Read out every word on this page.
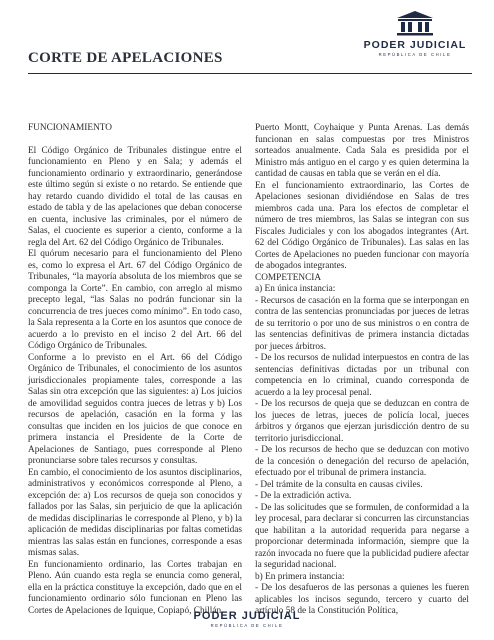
PODER JUDICIAL
REPÚBLICA DE CHILE
CORTE DE APELACIONES

FUNCIONAMIENTO

El Código Orgánico de Tribunales distingue entre el funcionamiento en Pleno y en Sala; y además el funcionamiento ordinario y extraordinario, generándose este último según si existe o no retardo. Se entiende que hay retardo cuando dividido el total de las causas en estado de tabla y de las apelaciones que deban conocerse en cuenta, inclusive las criminales, por el número de Salas, el cuociente es superior a ciento, conforme a la regla del Art. 62 del Código Orgánico de Tribunales.

El quórum necesario para el funcionamiento del Pleno es, como lo expresa el Art. 67 del Código Orgánico de Tribunales, “la mayoría absoluta de los miembros que se componga la Corte”. En cambio, con arreglo al mismo precepto legal, “las Salas no podrán funcionar sin la concurrencia de tres jueces como mínimo”. En todo caso, la Sala representa a la Corte en los asuntos que conoce de acuerdo a lo previsto en el inciso 2 del Art. 66 del Código Orgánico de Tribunales.

Conforme a lo previsto en el Art. 66 del Código Orgánico de Tribunales, el conocimiento de los asuntos jurisdiccionales propiamente tales, corresponde a las Salas sin otra excepción que las siguientes: a) Los juicios de amovilidad seguidos contra jueces de letras y b) Los recursos de apelación, casación en la forma y las consultas que inciden en los juicios de que conoce en primera instancia el Presidente de la Corte de Apelaciones de Santiago, pues corresponde al Pleno pronunciarse sobre tales recursos y consultas.

En cambio, el conocimiento de los asuntos disciplinarios, administrativos y económicos corresponde al Pleno, a excepción de: a) Los recursos de queja son conocidos y fallados por las Salas, sin perjuicio de que la aplicación de medidas disciplinarias le corresponde al Pleno, y b) la aplicación de medidas disciplinarias por faltas cometidas mientras las salas están en funciones, corresponde a esas mismas salas.

En funcionamiento ordinario, las Cortes trabajan en Pleno. Aún cuando esta regla se enuncia como general, ella en la práctica constituye la excepción, dado que en el funcionamiento ordinario sólo funcionan en Pleno las Cortes de Apelaciones de Iquique, Copiapó, Chillán,

Puerto Montt, Coyhaique y Punta Arenas. Las demás funcionan en salas compuestas por tres Ministros sorteados anualmente. Cada Sala es presidida por el Ministro más antiguo en el cargo y es quien determina la cantidad de causas en tabla que se verán en el día.

En el funcionamiento extraordinario, las Cortes de Apelaciones sesionan dividiéndose en Salas de tres miembros cada una. Para los efectos de completar el número de tres miembros, las Salas se integran con sus Fiscales Judiciales y con los abogados integrantes (Art. 62 del Código Orgánico de Tribunales). Las salas en las Cortes de Apelaciones no pueden funcionar con mayoría de abogados integrantes.

COMPETENCIA

a) En única instancia:

- Recursos de casación en la forma que se interpongan en contra de las sentencias pronunciadas por jueces de letras de su territorio o por uno de sus ministros o en contra de las sentencias definitivas de primera instancia dictadas por jueces árbitros.

- De los recursos de nulidad interpuestos en contra de las sentencias definitivas dictadas por un tribunal con competencia en lo criminal, cuando corresponda de acuerdo a la ley procesal penal.

- De los recursos de queja que se deduzcan en contra de los jueces de letras, jueces de policía local, jueces árbitros y órganos que ejerzan jurisdicción dentro de su territorio jurisdiccional.

- De los recursos de hecho que se deduzcan con motivo de la concesión o denegación del recurso de apelación, efectuado por el tribunal de primera instancia.

- Del trámite de la consulta en causas civiles.

- De la extradición activa.

- De las solicitudes que se formulen, de conformidad a la ley procesal, para declarar si concurren las circunstancias que habilitan a la autoridad requerida para negarse a proporcionar determinada información, siempre que la razón invocada no fuere que la publicidad pudiere afectar la seguridad nacional.

b) En primera instancia:

- De los desafueros de las personas a quienes les fueren aplicables los incisos segundo, tercero y cuarto del artículo 58 de la Constitución Política,

PODER JUDICIAL
REPÚBLICA DE CHILE
